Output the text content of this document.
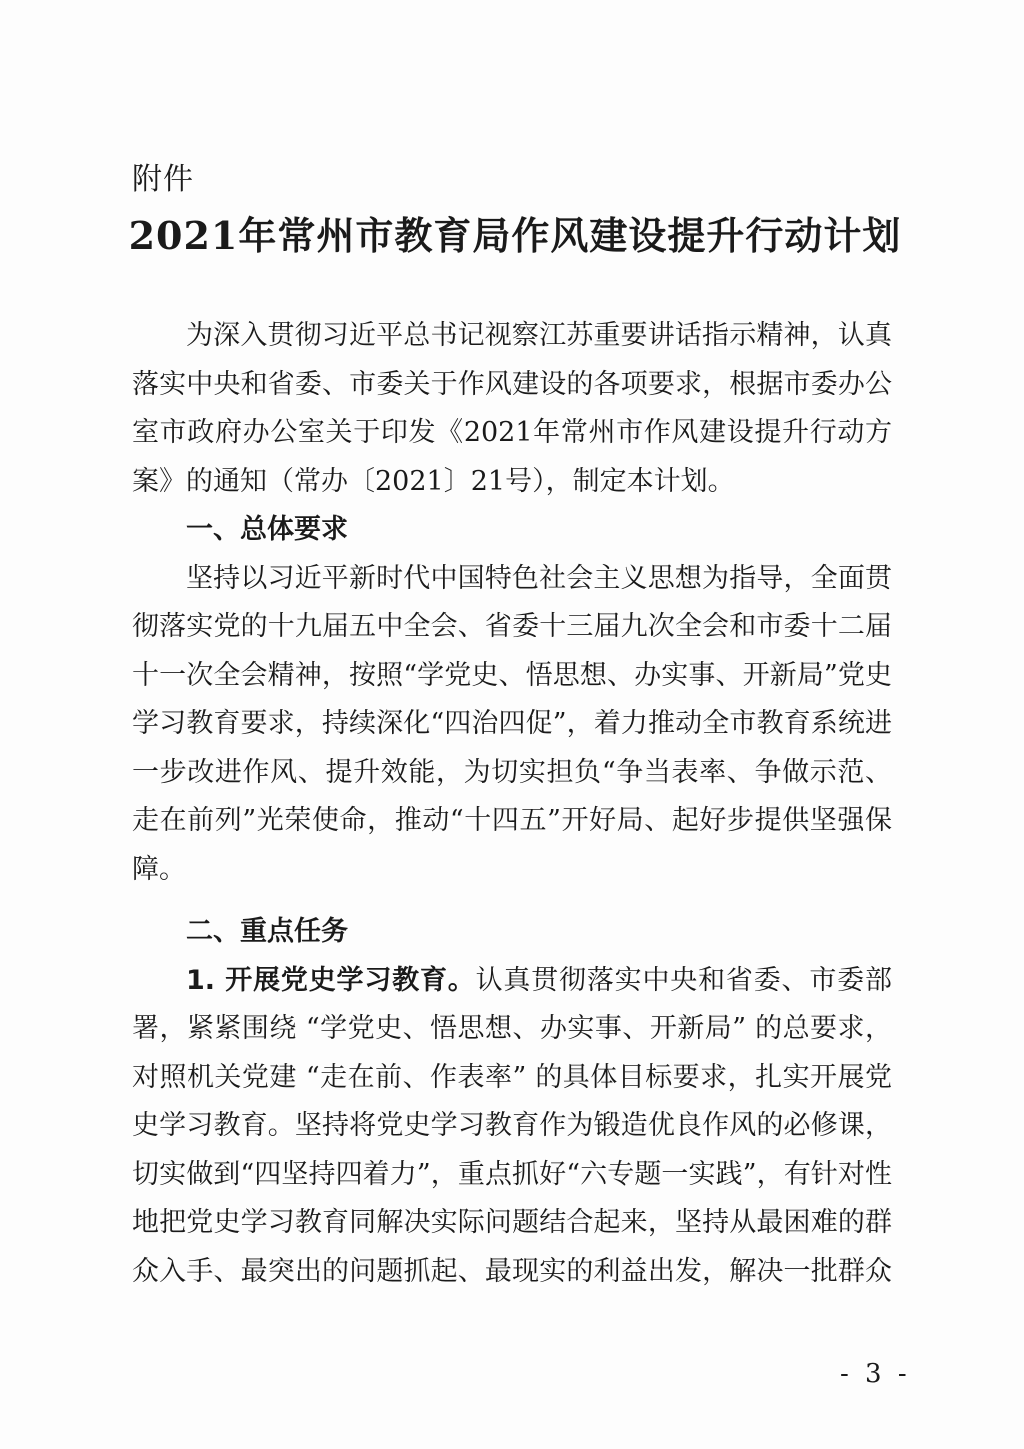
附件
2021年常州市教育局作风建设提升行动计划
为深入贯彻习近平总书记视察江苏重要讲话指示精神，认真
落实中央和省委、市委关于作风建设的各项要求，根据市委办公
室市政府办公室关于印发《2021年常州市作风建设提升行动方
案》的通知（常办〔2021〕21号），制定本计划。
一、总体要求
坚持以习近平新时代中国特色社会主义思想为指导，全面贯
彻落实党的十九届五中全会、省委十三届九次全会和市委十二届
十一次全会精神，按照“学党史、悟思想、办实事、开新局”党史
学习教育要求，持续深化“四治四促”，着力推动全市教育系统进
一步改进作风、提升效能，为切实担负“争当表率、争做示范、
走在前列”光荣使命，推动“十四五”开好局、起好步提供坚强保
障。
二、重点任务
1. 开展党史学习教育。认真贯彻落实中央和省委、市委部
署，紧紧围绕 “学党史、悟思想、办实事、开新局” 的总要求，
对照机关党建 “走在前、作表率” 的具体目标要求，扎实开展党
史学习教育。坚持将党史学习教育作为锻造优良作风的必修课，
切实做到“四坚持四着力”，重点抓好“六专题一实践”，有针对性
地把党史学习教育同解决实际问题结合起来，坚持从最困难的群
众入手、最突出的问题抓起、最现实的利益出发，解决一批群众
- 3 -
